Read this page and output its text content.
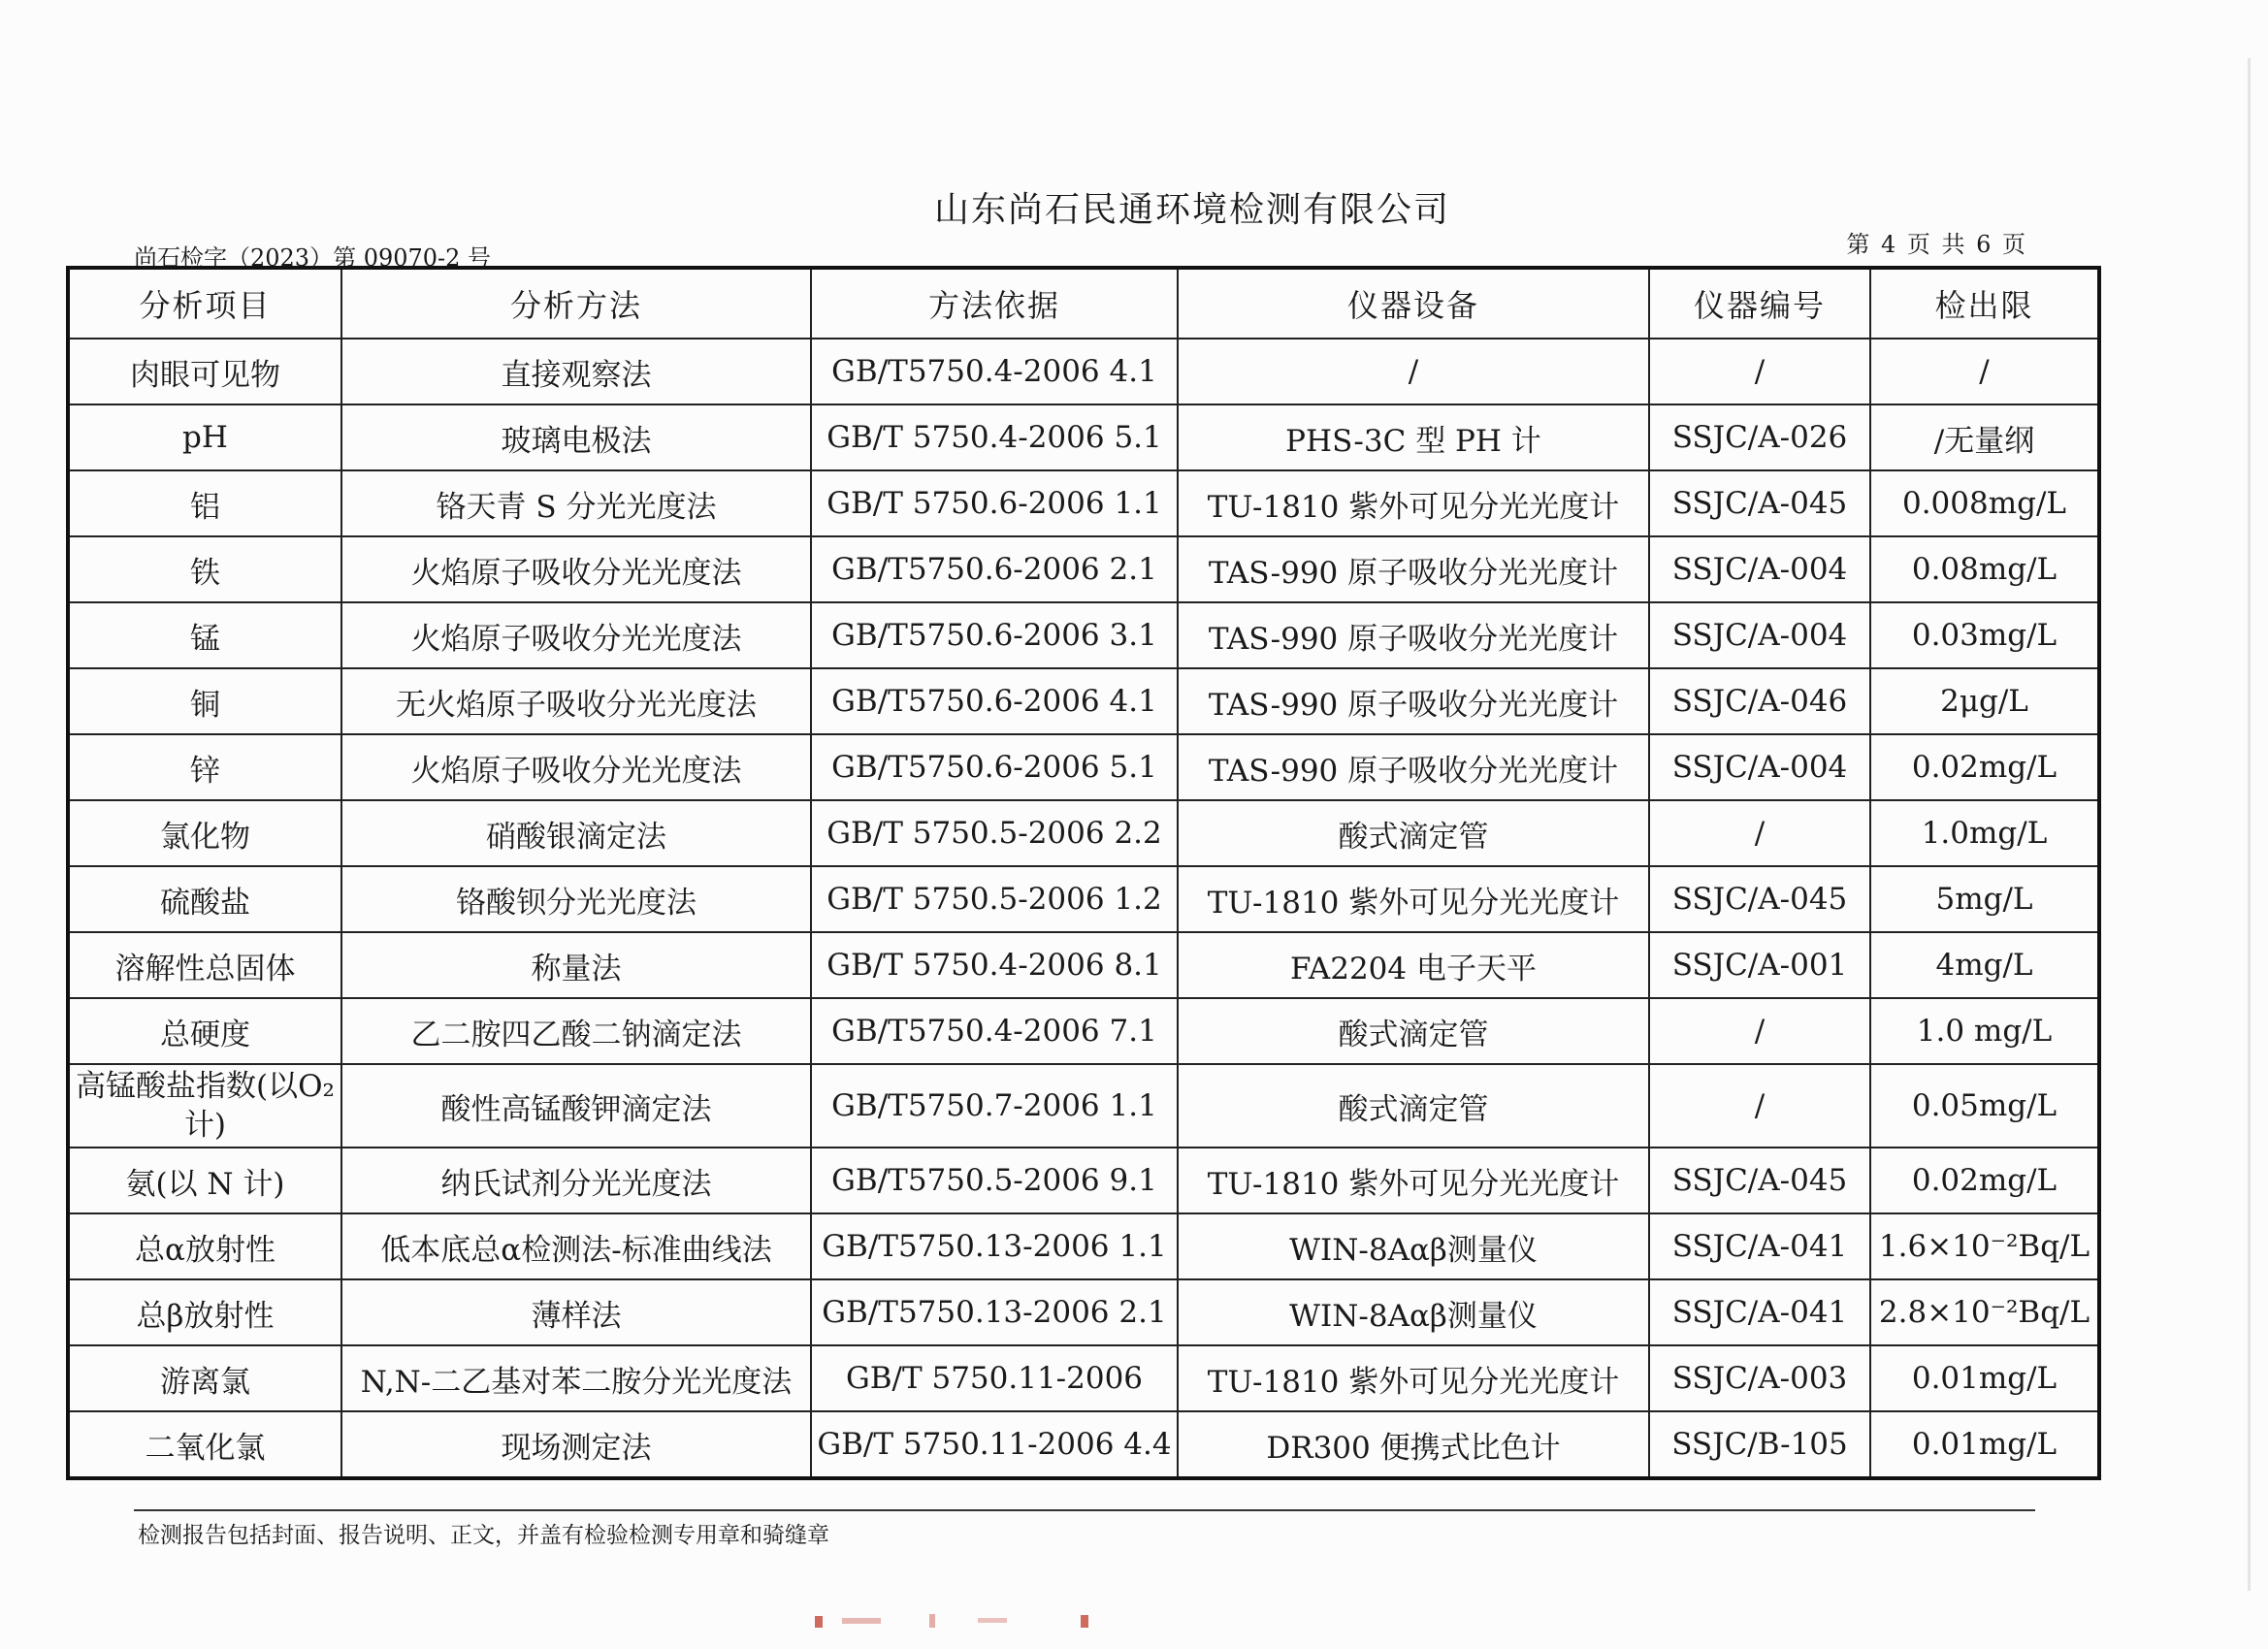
山东尚石民通环境检测有限公司
尚石检字（2023）第 09070-2 号	第 4 页 共 6 页
分析项目	分析方法	方法依据	仪器设备	仪器编号	检出限
肉眼可见物	直接观察法	GB/T5750.4-2006 4.1	/	/	/
pH	玻璃电极法	GB/T 5750.4-2006 5.1	PHS-3C 型 PH 计	SSJC/A-026	/无量纲
铝	铬天青 S 分光光度法	GB/T 5750.6-2006 1.1	TU-1810 紫外可见分光光度计	SSJC/A-045	0.008mg/L
铁	火焰原子吸收分光光度法	GB/T5750.6-2006 2.1	TAS-990 原子吸收分光光度计	SSJC/A-004	0.08mg/L
锰	火焰原子吸收分光光度法	GB/T5750.6-2006 3.1	TAS-990 原子吸收分光光度计	SSJC/A-004	0.03mg/L
铜	无火焰原子吸收分光光度法	GB/T5750.6-2006 4.1	TAS-990 原子吸收分光光度计	SSJC/A-046	2μg/L
锌	火焰原子吸收分光光度法	GB/T5750.6-2006 5.1	TAS-990 原子吸收分光光度计	SSJC/A-004	0.02mg/L
氯化物	硝酸银滴定法	GB/T 5750.5-2006 2.2	酸式滴定管	/	1.0mg/L
硫酸盐	铬酸钡分光光度法	GB/T 5750.5-2006 1.2	TU-1810 紫外可见分光光度计	SSJC/A-045	5mg/L
溶解性总固体	称量法	GB/T 5750.4-2006 8.1	FA2204 电子天平	SSJC/A-001	4mg/L
总硬度	乙二胺四乙酸二钠滴定法	GB/T5750.4-2006 7.1	酸式滴定管	/	1.0 mg/L
高锰酸盐指数(以O₂计)	酸性高锰酸钾滴定法	GB/T5750.7-2006 1.1	酸式滴定管	/	0.05mg/L
氨(以 N 计)	纳氏试剂分光光度法	GB/T5750.5-2006 9.1	TU-1810 紫外可见分光光度计	SSJC/A-045	0.02mg/L
总α放射性	低本底总α检测法-标准曲线法	GB/T5750.13-2006 1.1	WIN-8Aαβ测量仪	SSJC/A-041	1.6×10⁻²Bq/L
总β放射性	薄样法	GB/T5750.13-2006 2.1	WIN-8Aαβ测量仪	SSJC/A-041	2.8×10⁻²Bq/L
游离氯	N,N-二乙基对苯二胺分光光度法	GB/T 5750.11-2006	TU-1810 紫外可见分光光度计	SSJC/A-003	0.01mg/L
二氧化氯	现场测定法	GB/T 5750.11-2006 4.4	DR300 便携式比色计	SSJC/B-105	0.01mg/L
检测报告包括封面、报告说明、正文，并盖有检验检测专用章和骑缝章
